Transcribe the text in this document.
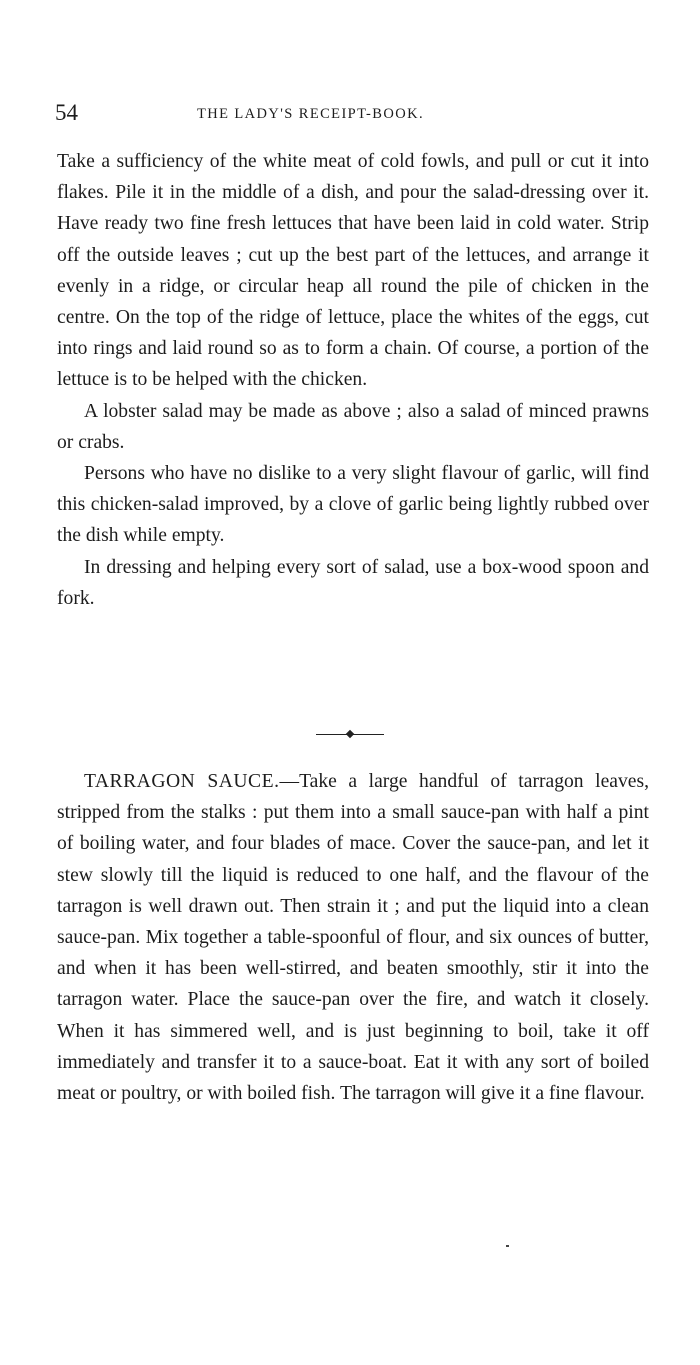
54	THE LADY'S RECEIPT-BOOK.

Take a sufficiency of the white meat of cold fowls, and pull or cut it into flakes. Pile it in the middle of a dish, and pour the salad-dressing over it. Have ready two fine fresh lettuces that have been laid in cold water. Strip off the outside leaves ; cut up the best part of the lettuces, and arrange it evenly in a ridge, or circular heap all round the pile of chicken in the centre. On the top of the ridge of lettuce, place the whites of the eggs, cut into rings and laid round so as to form a chain. Of course, a portion of the lettuce is to be helped with the chicken.

A lobster salad may be made as above ; also a salad of minced prawns or crabs.

Persons who have no dislike to a very slight flavour of garlic, will find this chicken-salad improved, by a clove of garlic being lightly rubbed over the dish while empty.

In dressing and helping every sort of salad, use a box-wood spoon and fork.

TARRAGON SAUCE.—Take a large handful of tarragon leaves, stripped from the stalks : put them into a small sauce-pan with half a pint of boiling water, and four blades of mace. Cover the sauce-pan, and let it stew slowly till the liquid is reduced to one half, and the flavour of the tarragon is well drawn out. Then strain it ; and put the liquid into a clean sauce-pan. Mix together a table-spoonful of flour, and six ounces of butter, and when it has been well-stirred, and beaten smoothly, stir it into the tarragon water. Place the sauce-pan over the fire, and watch it closely. When it has simmered well, and is just beginning to boil, take it off immediately and transfer it to a sauce-boat. Eat it with any sort of boiled meat or poultry, or with boiled fish. The tarragon will give it a fine flavour.
